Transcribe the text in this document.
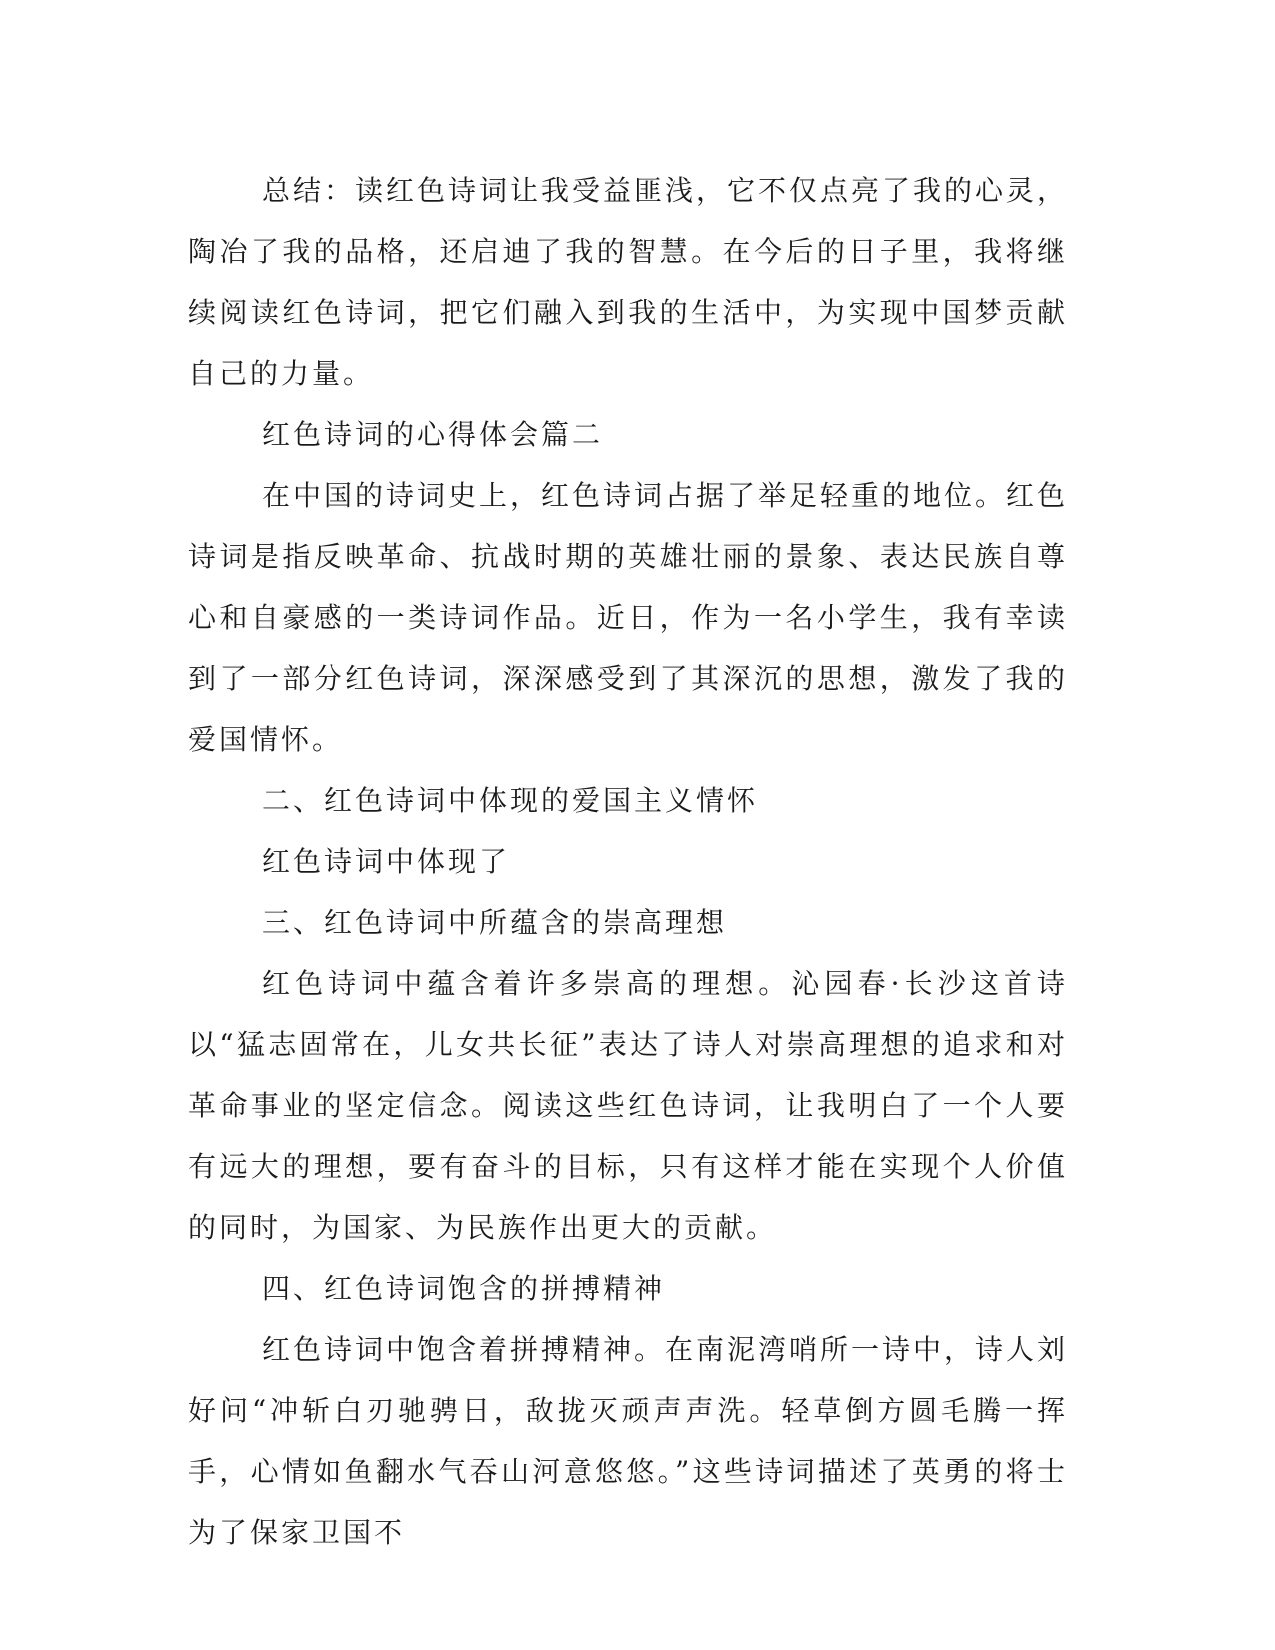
总结：读红色诗词让我受益匪浅，它不仅点亮了我的心灵，陶冶了我的品格，还启迪了我的智慧。在今后的日子里，我将继续阅读红色诗词，把它们融入到我的生活中，为实现中国梦贡献自己的力量。

红色诗词的心得体会篇二

在中国的诗词史上，红色诗词占据了举足轻重的地位。红色诗词是指反映革命、抗战时期的英雄壮丽的景象、表达民族自尊心和自豪感的一类诗词作品。近日，作为一名小学生，我有幸读到了一部分红色诗词，深深感受到了其深沉的思想，激发了我的爱国情怀。

二、红色诗词中体现的爱国主义情怀

红色诗词中体现了

三、红色诗词中所蕴含的崇高理想

红色诗词中蕴含着许多崇高的理想。沁园春·长沙这首诗以“猛志固常在，儿女共长征”表达了诗人对崇高理想的追求和对革命事业的坚定信念。阅读这些红色诗词，让我明白了一个人要有远大的理想，要有奋斗的目标，只有这样才能在实现个人价值的同时，为国家、为民族作出更大的贡献。

四、红色诗词饱含的拼搏精神

红色诗词中饱含着拼搏精神。在南泥湾哨所一诗中，诗人刘好问“冲斩白刃驰骋日，敌拢灭顽声声洗。轻草倒方圆毛腾一挥手，心情如鱼翻水气吞山河意悠悠。”这些诗词描述了英勇的将士为了保家卫国不
